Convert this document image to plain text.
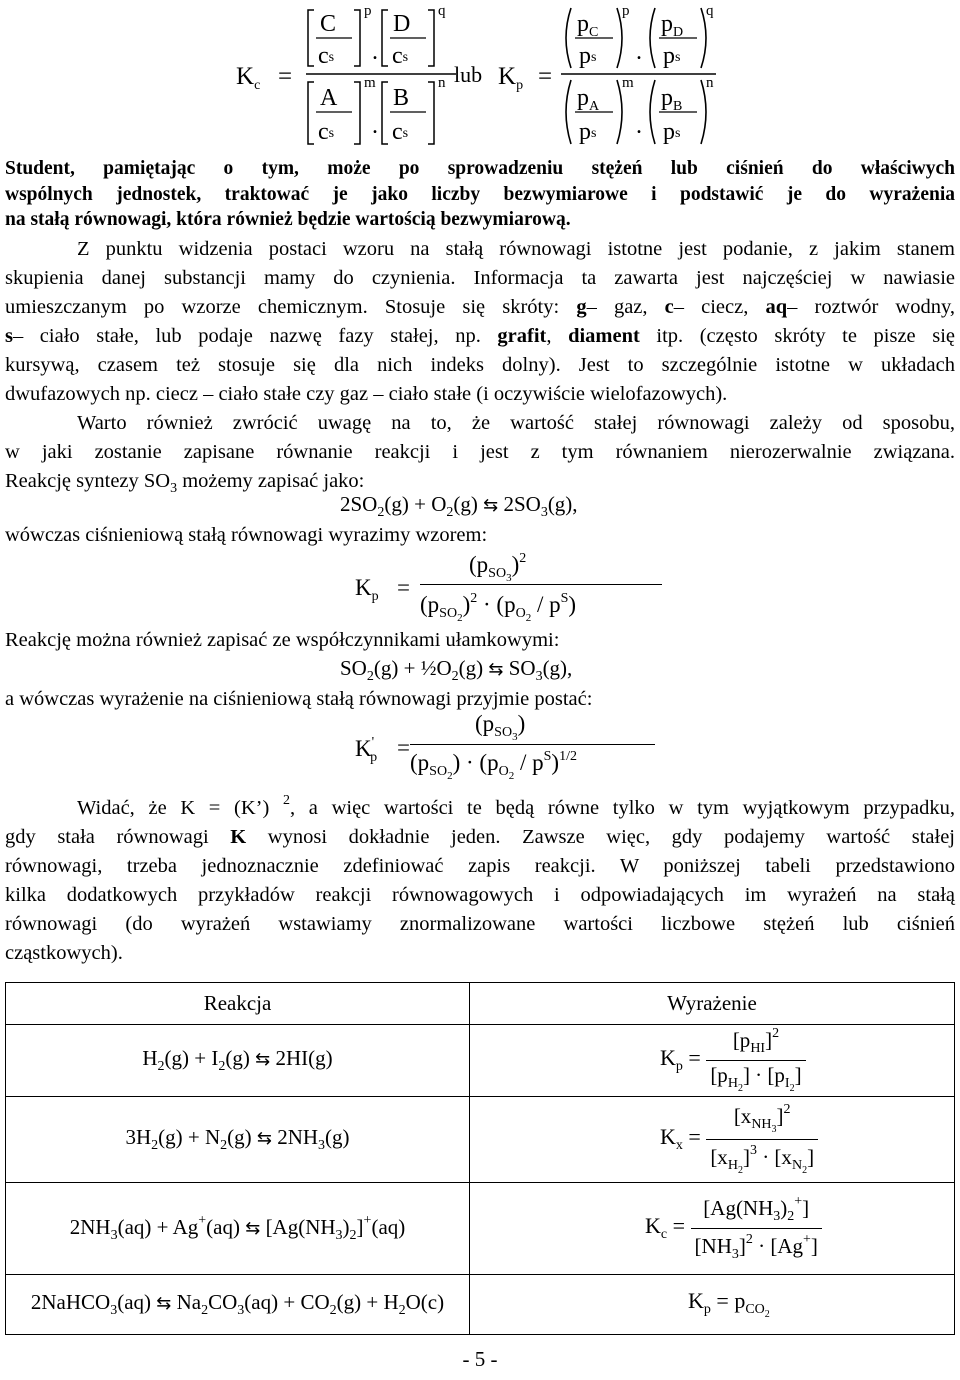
$K_c$ =
C
cs
p
.
D
cs
q
A
cs
m
.
B
cs
n lub $K_p$ =
$p_C$
ps
p
.
$p_D$
ps
q
$p_A$
ps
m
.
$p_B$
ps
n
Student, pamiętając o tym, może po sprowadzeniu stężeń lub ciśnień do właściwych
wspólnych jednostek, traktować je jako liczby bezwymiarowe i podstawić je do wyrażenia
na stałą równowagi, która również będzie wartością bezwymiarową.
Z punktu widzenia postaci wzoru na stałą równowagi istotne jest podanie, z jakim stanem
skupienia danej substancji mamy do czynienia. Informacja ta zawarta jest najczęściej w nawiasie
umieszczanym po wzorze chemicznym. Stosuje się skróty: g– gaz, c– ciecz, aq– roztwór wodny,
s– ciało stałe, lub podaje nazwę fazy stałej, np. grafit, diament itp. (często skróty te pisze się
kursywą, czasem też stosuje się dla nich indeks dolny). Jest to szczególnie istotne w układach
dwufazowych np. ciecz – ciało stałe czy gaz – ciało stałe (i oczywiście wielofazowych).
Warto również zwrócić uwagę na to, że wartość stałej równowagi zależy od sposobu,
w jaki zostanie zapisane równanie reakcji i jest z tym równaniem nierozerwalnie związana.
Reakcję syntezy $SO_3$ możemy zapisać jako:
$2SO_2(g) + O_2(g)$ ⇆ $2SO_3(g)$,
wówczas ciśnieniową stałą równowagi wyrazimy wzorem:
$K_p$ =
$(p_{SO3})^2$
$(p_{SO2})^2 \cdot (p_{O2} / p^S)$
Reakcję można również zapisać ze współczynnikami ułamkowymi:
$SO_2(g)$ + $\frac{1}{2}O_2(g)$ ⇆ $SO_3(g)$,
a wówczas wyrażenie na ciśnieniową stałą równowagi przyjmie postać:
$K'_p$ =
$(p_{SO3})$
$(p_{SO2}) \cdot (p_{O2} / p^S)^{1/2}$
Widać, że K = (K’) $^2$, a więc wartości te będą równe tylko w tym wyjątkowym przypadku,
gdy stała równowagi K wynosi dokładnie jeden. Zawsze więc, gdy podajemy wartość stałej
równowagi, trzeba jednoznacznie zdefiniować zapis reakcji. W poniższej tabeli przedstawiono
kilka dodatkowych przykładów reakcji równowagowych i odpowiadających im wyrażeń na stałą
równowagi (do wyrażeń wstawiamy znormalizowane wartości liczbowe stężeń lub ciśnień
cząstkowych).
Reakcja	Wyrażenie
$H_2(g) + I_2(g)$ ⇆ 2HI(g)	$K_p = \frac{[p_{HI}]^2}{[p_{H2}] \cdot [p_{I2}]}$

$3H_2(g) + N_2(g)$ ⇆ $2NH_3(g)$	$K_x = \frac{[x_{NH3}]^2}{[x_{H2}]^3 \cdot [x_{N2}]}$

$2NH_3(aq) + Ag^+(aq)$ ⇆ $[Ag(NH_3)_2]^+(aq)$	$K_c = \frac{[Ag(NH_3)_2^+]}{[NH_3]^2 \cdot [Ag^+]}$

2NaHCO$_3$(aq) ⇆ $Na_2CO_3(aq) + CO_2(g) + H_2O(c)$	$K_p = p_{CO2}$
- 5 -
